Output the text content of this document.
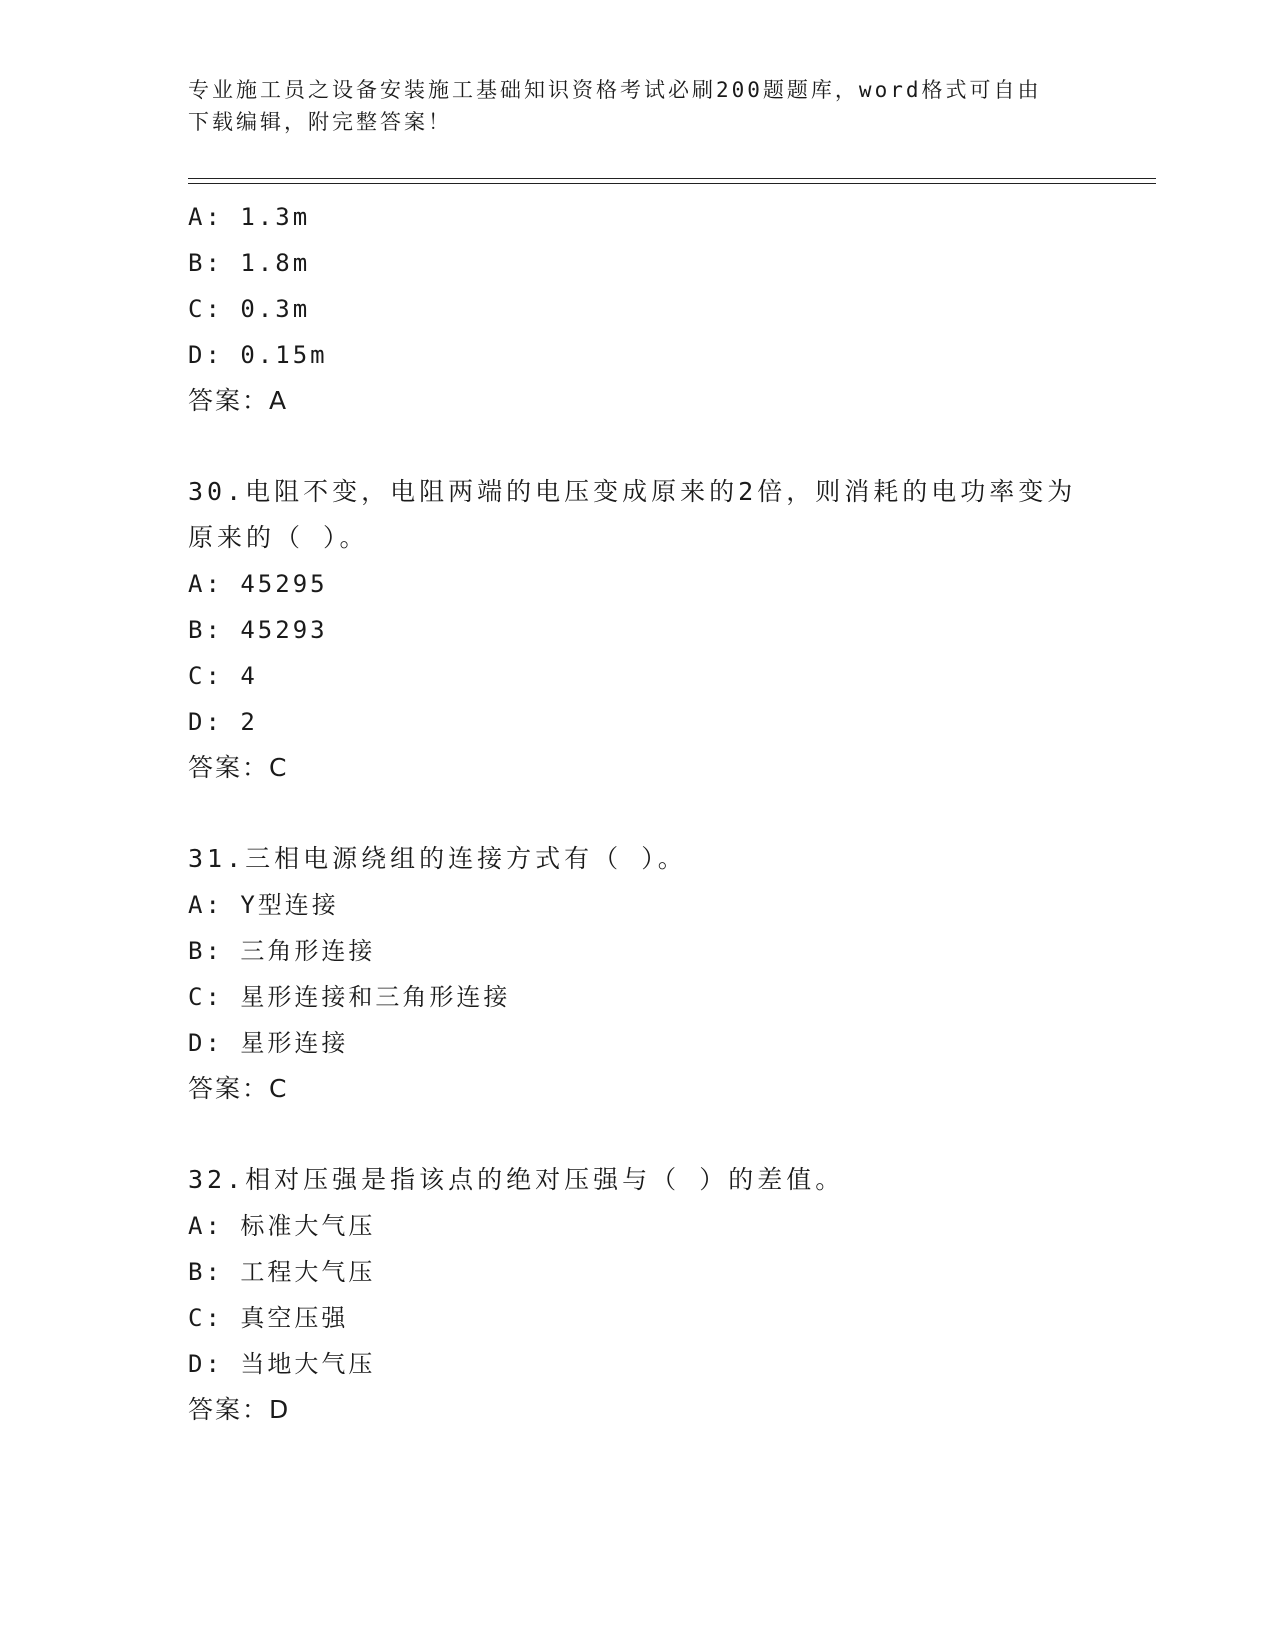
专业施工员之设备安装施工基础知识资格考试必刷200题题库，word格式可自由
下载编辑，附完整答案！
A: 1.3m
B: 1.8m
C: 0.3m
D: 0.15m
答案：A
30.电阻不变，电阻两端的电压变成原来的2倍，则消耗的电功率变为
原来的（ ）。
A: 45295
B: 45293
C: 4
D: 2
答案：C
31.三相电源绕组的连接方式有（ ）。
A: Y型连接
B: 三角形连接
C: 星形连接和三角形连接
D: 星形连接
答案：C
32.相对压强是指该点的绝对压强与（ ）的差值。
A: 标准大气压
B: 工程大气压
C: 真空压强
D: 当地大气压
答案：D
